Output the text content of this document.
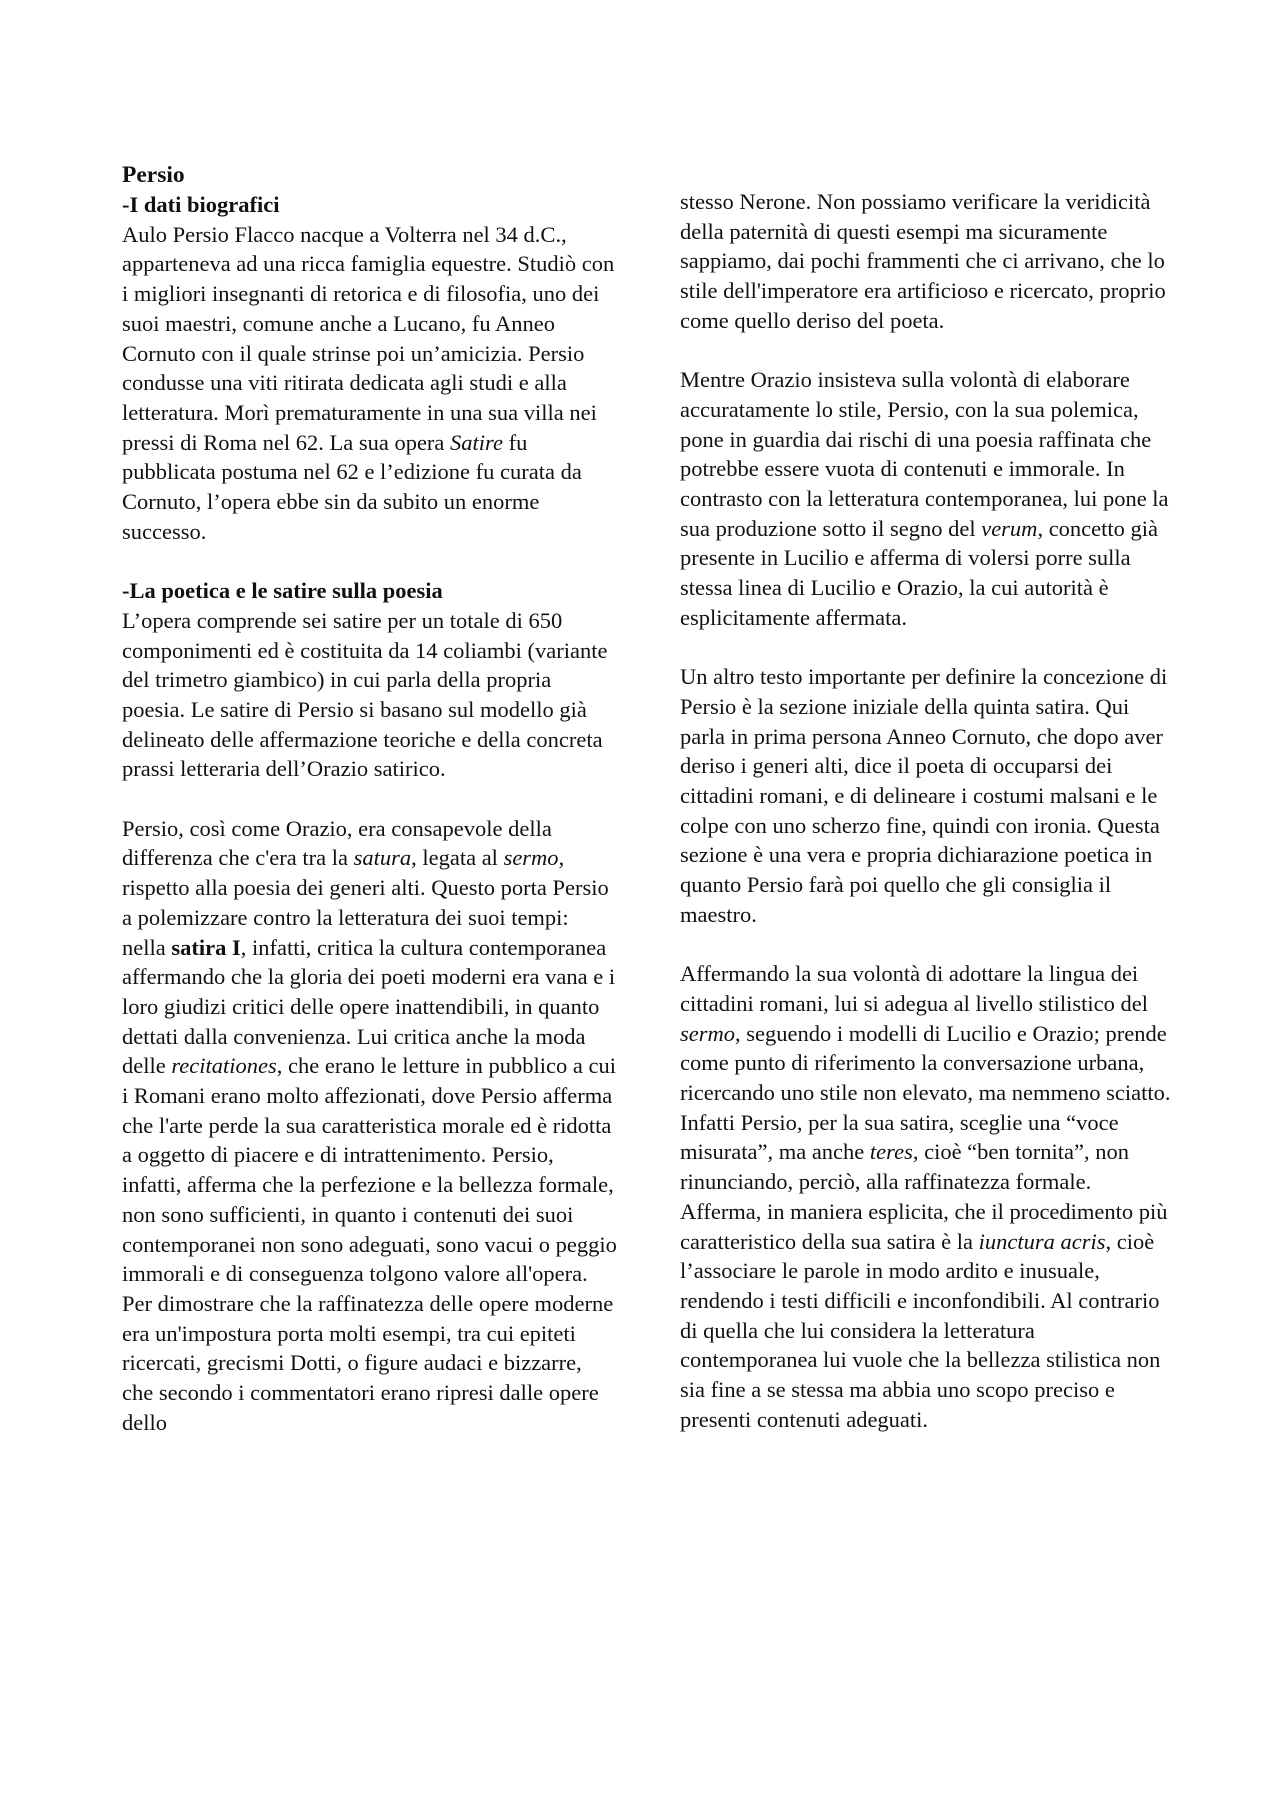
Persio
-I dati biografici

Aulo Persio Flacco nacque a Volterra nel 34 d.C., apparteneva ad una ricca famiglia equestre. Studiò con i migliori insegnanti di retorica e di filosofia, uno dei suoi maestri, comune anche a Lucano, fu Anneo Cornuto con il quale strinse poi un’amicizia. Persio condusse una viti ritirata dedicata agli studi e alla letteratura. Morì prematuramente in una sua villa nei pressi di Roma nel 62. La sua opera Satire fu pubblicata postuma nel 62 e l’edizione fu curata da Cornuto, l’opera ebbe sin da subito un enorme successo.

-La poetica e le satire sulla poesia

L’opera comprende sei satire per un totale di 650 componimenti ed è costituita da 14 coliambi (variante del trimetro giambico) in cui parla della propria poesia. Le satire di Persio si basano sul modello già delineato delle affermazione teoriche e della concreta prassi letteraria dell’Orazio satirico.

Persio, così come Orazio, era consapevole della differenza che c'era tra la satura, legata al sermo, rispetto alla poesia dei generi alti. Questo porta Persio a polemizzare contro la letteratura dei suoi tempi: nella satira I, infatti, critica la cultura contemporanea affermando che la gloria dei poeti moderni era vana e i loro giudizi critici delle opere inattendibili, in quanto dettati dalla convenienza. Lui critica anche la moda delle recitationes, che erano le letture in pubblico a cui i Romani erano molto affezionati, dove Persio afferma che l'arte perde la sua caratteristica morale ed è ridotta a oggetto di piacere e di intrattenimento. Persio, infatti, afferma che la perfezione e la bellezza formale, non sono sufficienti, in quanto i contenuti dei suoi contemporanei non sono adeguati, sono vacui o peggio immorali e di conseguenza tolgono valore all'opera. Per dimostrare che la raffinatezza delle opere moderne era un'impostura porta molti esempi, tra cui epiteti ricercati, grecismi Dotti, o figure audaci e bizzarre, che secondo i commentatori erano ripresi dalle opere dello

stesso Nerone. Non possiamo verificare la veridicità della paternità di questi esempi ma sicuramente sappiamo, dai pochi frammenti che ci arrivano, che lo stile dell'imperatore era artificioso e ricercato, proprio come quello deriso del poeta.

Mentre Orazio insisteva sulla volontà di elaborare accuratamente lo stile, Persio, con la sua polemica, pone in guardia dai rischi di una poesia raffinata che potrebbe essere vuota di contenuti e immorale. In contrasto con la letteratura contemporanea, lui pone la sua produzione sotto il segno del verum, concetto già presente in Lucilio e afferma di volersi porre sulla stessa linea di Lucilio e Orazio, la cui autorità è esplicitamente affermata.

Un altro testo importante per definire la concezione di Persio è la sezione iniziale della quinta satira. Qui parla in prima persona Anneo Cornuto, che dopo aver deriso i generi alti, dice il poeta di occuparsi dei cittadini romani, e di delineare i costumi malsani e le colpe con uno scherzo fine, quindi con ironia. Questa sezione è una vera e propria dichiarazione poetica in quanto Persio farà poi quello che gli consiglia il maestro.

Affermando la sua volontà di adottare la lingua dei cittadini romani, lui si adegua al livello stilistico del sermo, seguendo i modelli di Lucilio e Orazio; prende come punto di riferimento la conversazione urbana, ricercando uno stile non elevato, ma nemmeno sciatto. Infatti Persio, per la sua satira, sceglie una “voce misurata”, ma anche teres, cioè “ben tornita”, non rinunciando, perciò, alla raffinatezza formale. Afferma, in maniera esplicita, che il procedimento più caratteristico della sua satira è la iunctura acris, cioè l’associare le parole in modo ardito e inusuale, rendendo i testi difficili e inconfondibili. Al contrario di quella che lui considera la letteratura contemporanea lui vuole che la bellezza stilistica non sia fine a se stessa ma abbia uno scopo preciso e presenti contenuti adeguati.
